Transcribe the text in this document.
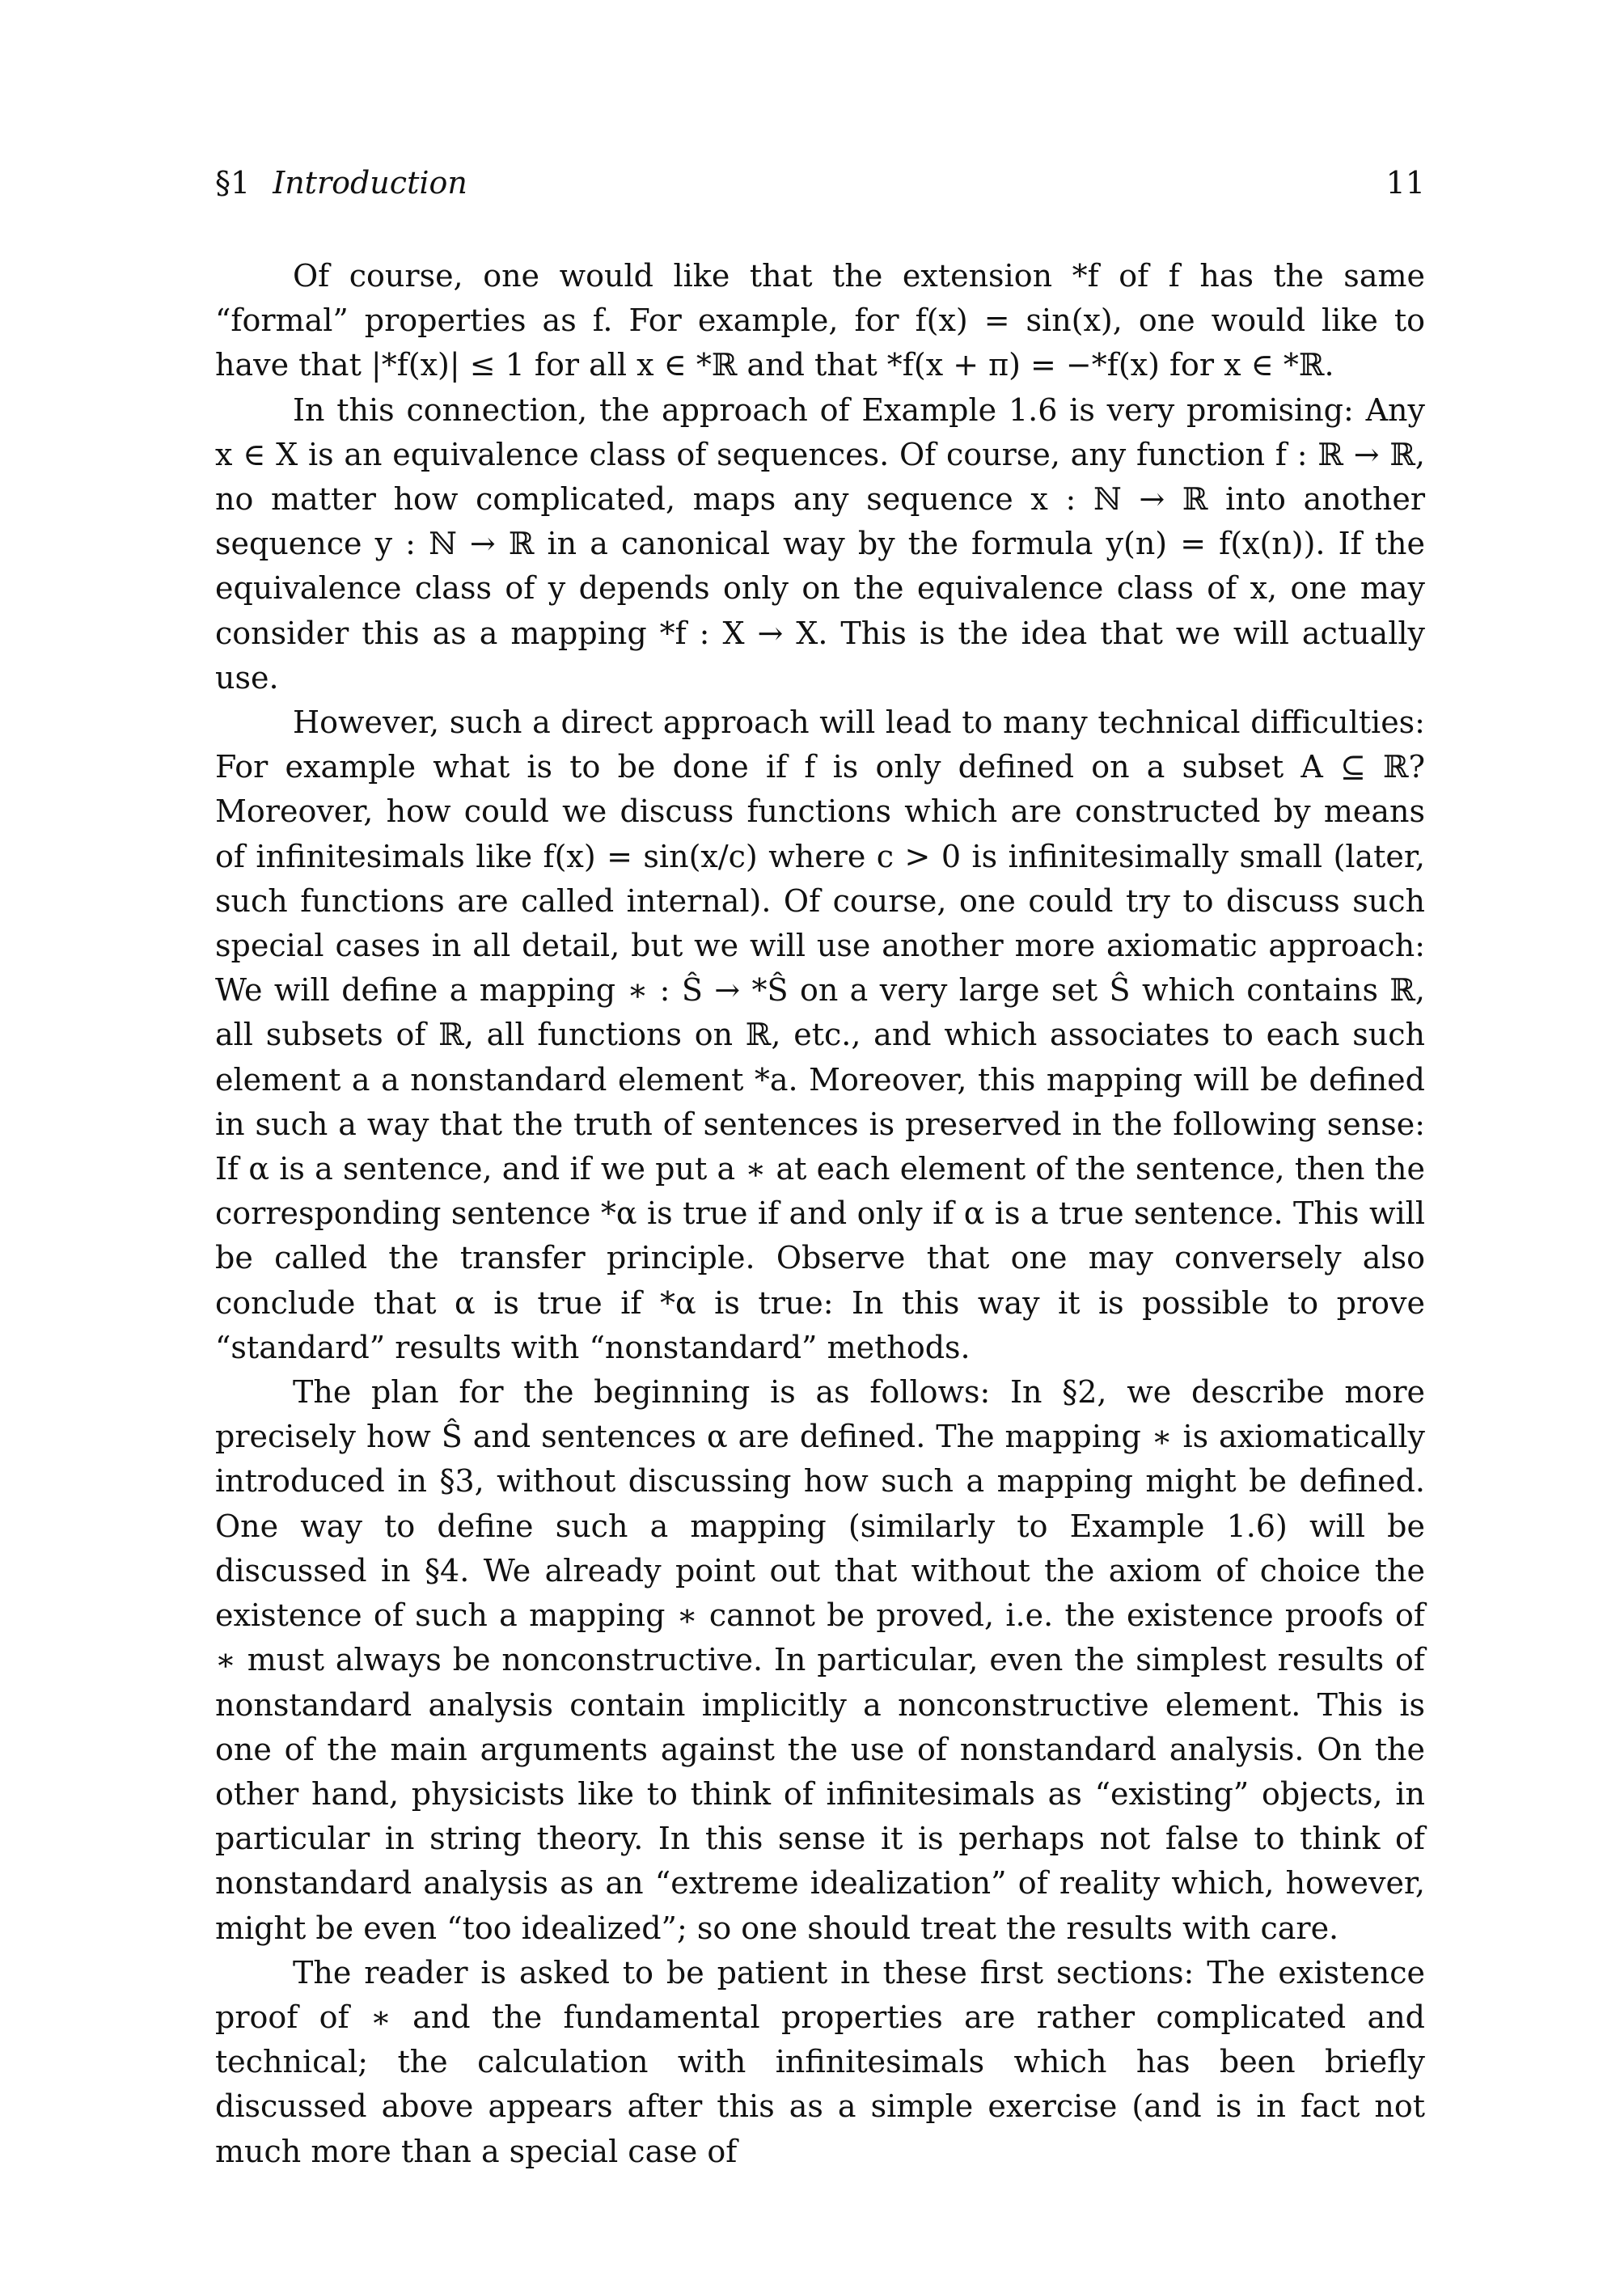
§1 Introduction	11

Of course, one would like that the extension *f of f has the same “formal” properties as f. For example, for f(x) = sin(x), one would like to have that |*f(x)| ≤ 1 for all x ∈ *ℝ and that *f(x + π) = −*f(x) for x ∈ *ℝ.

In this connection, the approach of Example 1.6 is very promising: Any x ∈ X is an equivalence class of sequences. Of course, any function f : ℝ → ℝ, no matter how complicated, maps any sequence x : ℕ → ℝ into another sequence y : ℕ → ℝ in a canonical way by the formula y(n) = f(x(n)). If the equivalence class of y depends only on the equivalence class of x, one may consider this as a mapping *f : X → X. This is the idea that we will actually use.

However, such a direct approach will lead to many technical difficulties: For example what is to be done if f is only defined on a subset A ⊆ ℝ? Moreover, how could we discuss functions which are constructed by means of infinitesimals like f(x) = sin(x/c) where c > 0 is infinitesimally small (later, such functions are called internal). Of course, one could try to discuss such special cases in all detail, but we will use another more axiomatic approach: We will define a mapping ∗ : Ŝ → *Ŝ on a very large set Ŝ which contains ℝ, all subsets of ℝ, all functions on ℝ, etc., and which associates to each such element a a nonstandard element *a. Moreover, this mapping will be defined in such a way that the truth of sentences is preserved in the following sense: If α is a sentence, and if we put a ∗ at each element of the sentence, then the corresponding sentence *α is true if and only if α is a true sentence. This will be called the transfer principle. Observe that one may conversely also conclude that α is true if *α is true: In this way it is possible to prove “standard” results with “nonstandard” methods.

The plan for the beginning is as follows: In §2, we describe more precisely how Ŝ and sentences α are defined. The mapping ∗ is axiomatically introduced in §3, without discussing how such a mapping might be defined. One way to define such a mapping (similarly to Example 1.6) will be discussed in §4. We already point out that without the axiom of choice the existence of such a mapping ∗ cannot be proved, i.e. the existence proofs of ∗ must always be nonconstructive. In particular, even the simplest results of nonstandard analysis contain implicitly a nonconstructive element. This is one of the main arguments against the use of nonstandard analysis. On the other hand, physicists like to think of infinitesimals as “existing” objects, in particular in string theory. In this sense it is perhaps not false to think of nonstandard analysis as an “extreme idealization” of reality which, however, might be even “too idealized”; so one should treat the results with care.

The reader is asked to be patient in these first sections: The existence proof of ∗ and the fundamental properties are rather complicated and technical; the calculation with infinitesimals which has been briefly discussed above appears after this as a simple exercise (and is in fact not much more than a special case of
